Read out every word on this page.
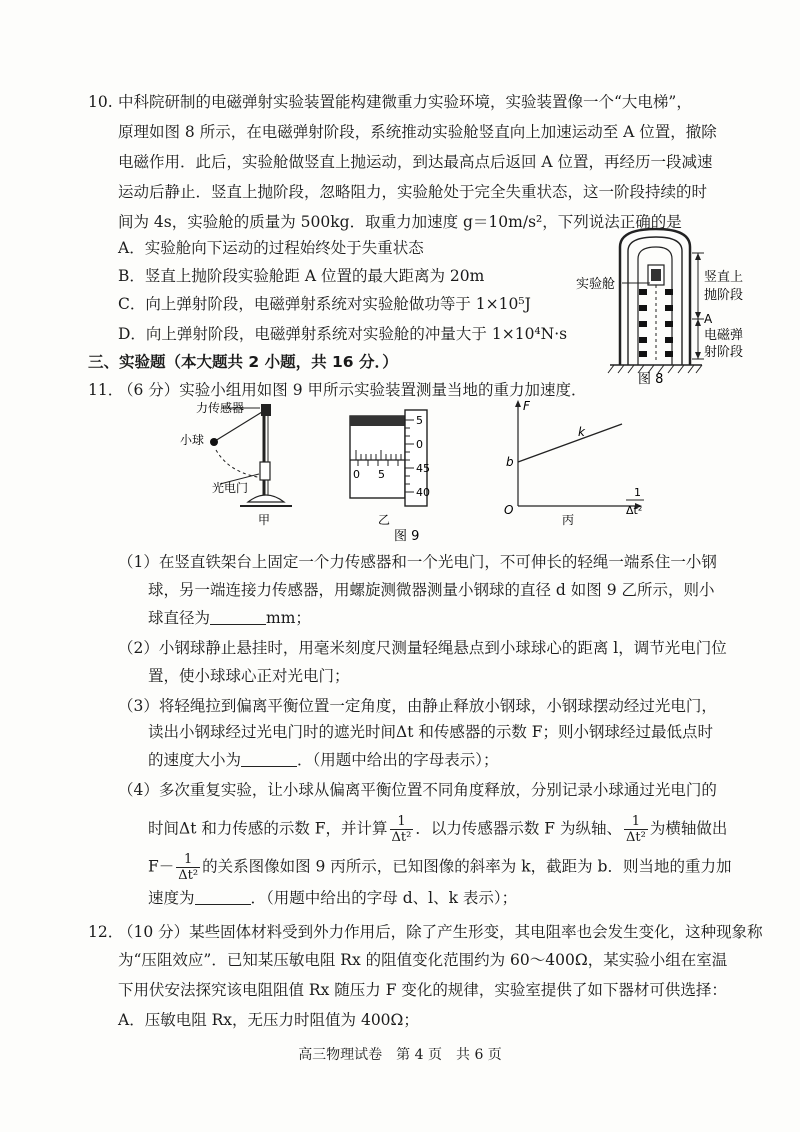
10. 中科院研制的电磁弹射实验装置能构建微重力实验环境，实验装置像一个“大电梯”，
原理如图 8 所示，在电磁弹射阶段，系统推动实验舱竖直向上加速运动至 A 位置，撤除
电磁作用．此后，实验舱做竖直上抛运动，到达最高点后返回 A 位置，再经历一段减速
运动后静止．竖直上抛阶段，忽略阻力，实验舱处于完全失重状态，这一阶段持续的时
间为 4s，实验舱的质量为 500kg．取重力加速度 g＝10m/s²，下列说法正确的是
A．实验舱向下运动的过程始终处于失重状态
B．竖直上抛阶段实验舱距 A 位置的最大距离为 20m
C．向上弹射阶段，电磁弹射系统对实验舱做功等于 1×10⁵J
D．向上弹射阶段，电磁弹射系统对实验舱的冲量大于 1×10⁴N·s
实验舱	竖直上
抛阶段
A
电磁弹
射阶段
图 8
三、实验题（本大题共 2 小题，共 16 分．）
11．
（6 分）实验小组用如图 9 甲所示实验装置测量当地的重力加速度．
力传感器
小球
光电门
甲
0 5
5
0
45
40
乙
F
k
b
O
1
Δt²
丙
图 9
（1）在竖直铁架台上固定一个力传感器和一个光电门，不可伸长的轻绳一端系住一小钢
球，另一端连接力传感器，用螺旋测微器测量小钢球的直径 d 如图 9 乙所示，则小
球直径为	mm；
（2）小钢球静止悬挂时，用毫米刻度尺测量轻绳悬点到小球球心的距离 l，调节光电门位
置，使小球球心正对光电门；
（3）将轻绳拉到偏离平衡位置一定角度，由静止释放小钢球，小钢球摆动经过光电门，
读出小钢球经过光电门时的遮光时间Δt 和传感器的示数 F；则小钢球经过最低点时
的速度大小为	．（用题中给出的字母表示）；
（4）多次重复实验，让小球从偏离平衡位置不同角度释放，分别记录小球通过光电门的
时间Δt 和力传感的示数 F，并计算 $\frac{1}{\text{Δt²}}$ ．以力传感器示数 F 为纵轴、 $\frac{1}{\text{Δt²}}$ 为横轴做出
$F- \frac{1}{\text{Δt²}}$ 的关系图像如图 9 丙所示，已知图像的斜率为 k，截距为 b．则当地的重力加
速度为	．（用题中给出的字母 d、l、k 表示）；
12．
（10 分）某些固体材料受到外力作用后，除了产生形变，其电阻率也会发生变化，这种现象称
为“压阻效应”．已知某压敏电阻 Rx 的阻值变化范围约为 60～400Ω，某实验小组在室温
下用伏安法探究该电阻阻值 Rx 随压力 F 变化的规律，实验室提供了如下器材可供选择：
A．压敏电阻 Rx，无压力时阻值为 400Ω；
高三物理试卷　第 4 页　共 6 页
